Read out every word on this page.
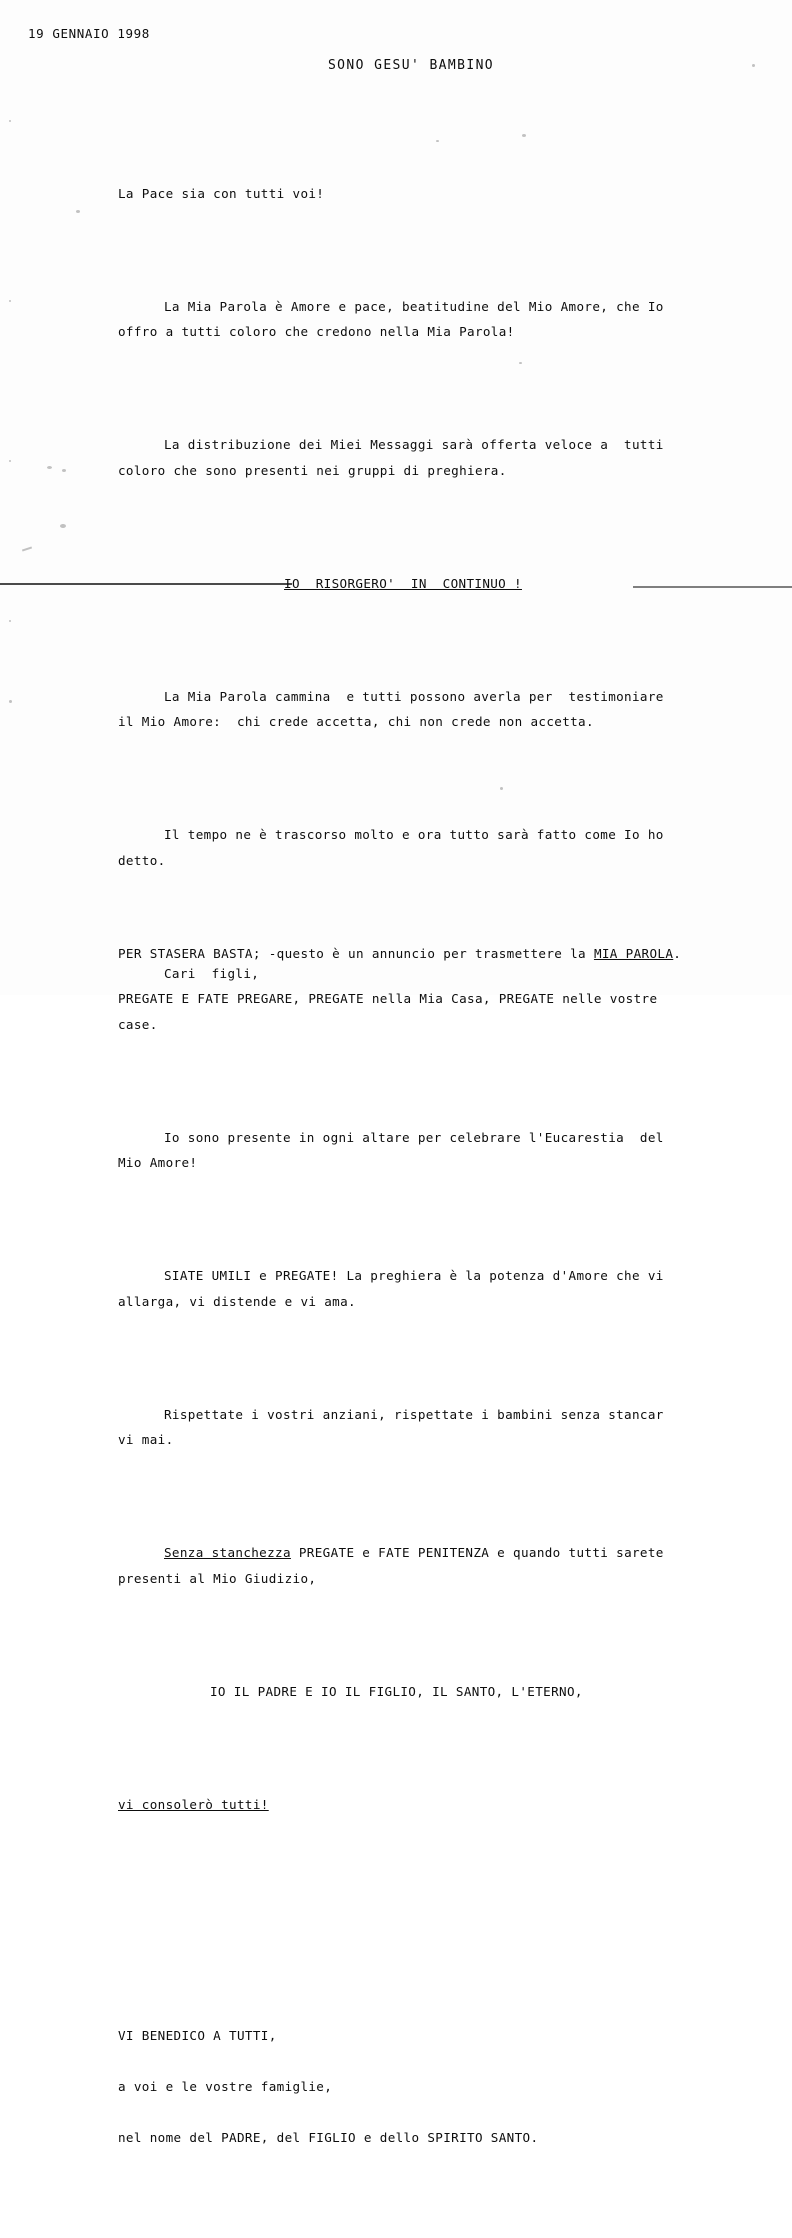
19 GENNAIO 1998
SONO GESU' BAMBINO

La Pace sia con tutti voi!

La Mia Parola è Amore e pace, beatitudine del Mio Amore, che Io
offro a tutti coloro che credono nella Mia Parola!

La distribuzione dei Miei Messaggi sarà offerta veloce a  tutti
coloro che sono presenti nei gruppi di preghiera.

IO  RISORGERO'  IN  CONTINUO !

La Mia Parola cammina  e tutti possono averla per  testimoniare
il Mio Amore:  chi crede accetta, chi non crede non accetta.

Il tempo ne è trascorso molto e ora tutto sarà fatto come Io ho
detto.

Cari  figli,
PREGATE E FATE PREGARE, PREGATE nella Mia Casa, PREGATE nelle vostre
case.

Io sono presente in ogni altare per celebrare l'Eucarestia  del
Mio Amore!

SIATE UMILI e PREGATE! La preghiera è la potenza d'Amore che vi
allarga, vi distende e vi ama.

Rispettate i vostri anziani, rispettate i bambini senza stancar
vi mai.

Senza stanchezza PREGATE e FATE PENITENZA e quando tutti sarete
presenti al Mio Giudizio,

IO IL PADRE E IO IL FIGLIO, IL SANTO, L'ETERNO,

vi consolerò tutti!

VI BENEDICO A TUTTI,

a voi e le vostre famiglie,

nel nome del PADRE, del FIGLIO e dello SPIRITO SANTO.

PER STASERA BASTA; -questo è un annuncio per trasmettere la MIA PAROLA.
